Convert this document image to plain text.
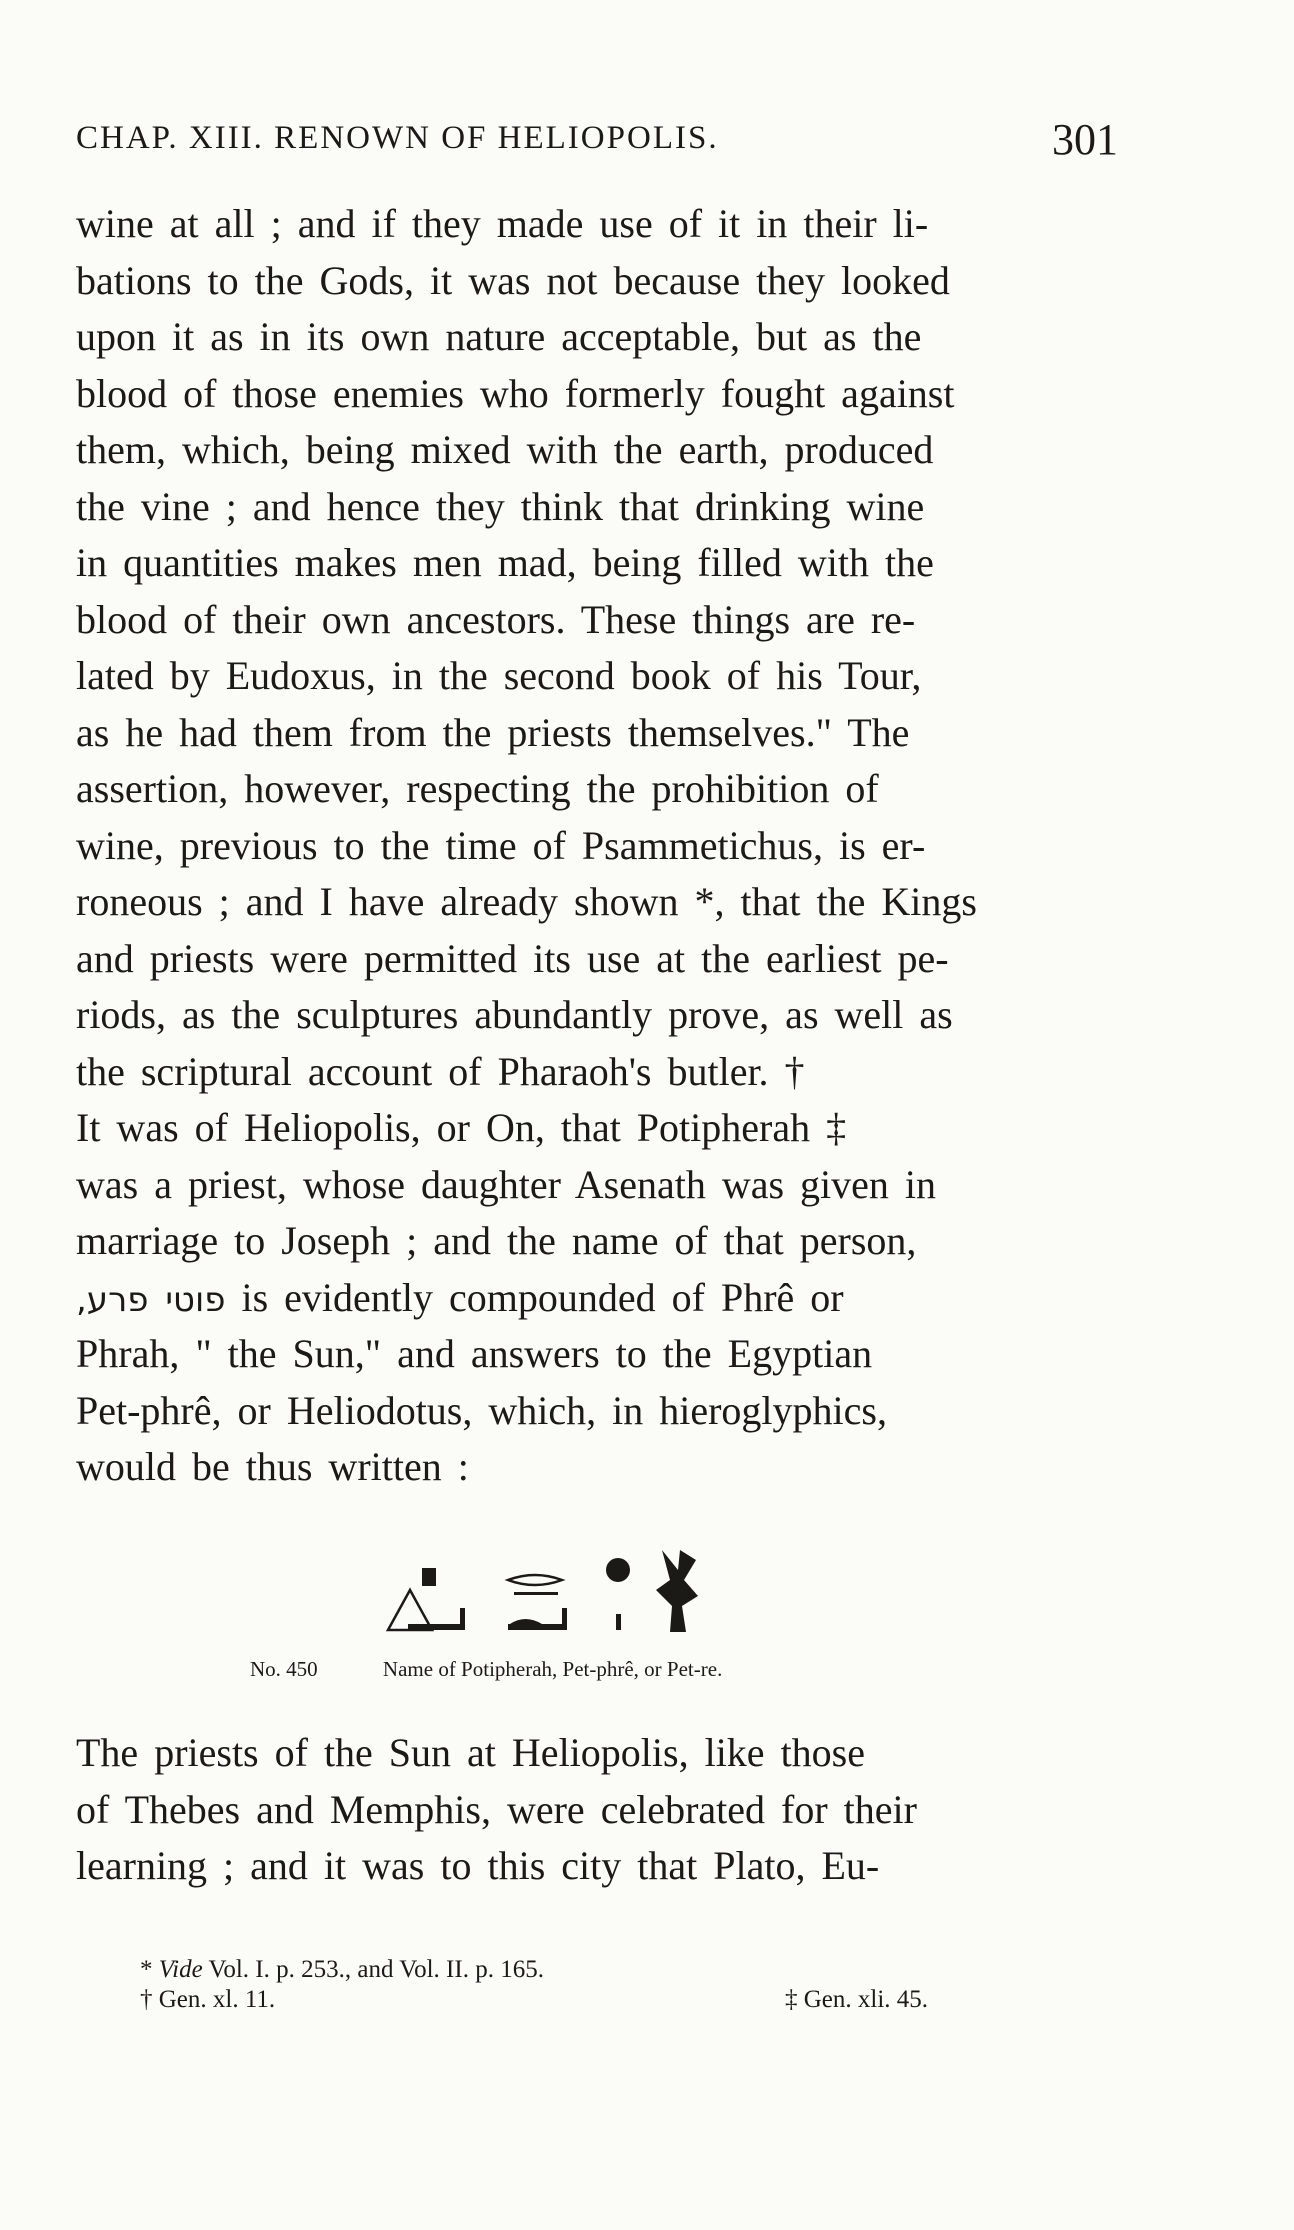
CHAP. XIII. RENOWN OF HELIOPOLIS.	301
wine at all ; and if they made use of it in their li-
bations to the Gods, it was not because they looked
upon it as in its own nature acceptable, but as the
blood of those enemies who formerly fought against
them, which, being mixed with the earth, produced
the vine ; and hence they think that drinking wine
in quantities makes men mad, being filled with the
blood of their own ancestors. These things are re-
lated by Eudoxus, in the second book of his Tour,
as he had them from the priests themselves." The
assertion, however, respecting the prohibition of
wine, previous to the time of Psammetichus, is er-
roneous ; and I have already shown *, that the Kings
and priests were permitted its use at the earliest pe-
riods, as the sculptures abundantly prove, as well as
the scriptural account of Pharaoh's butler. †
It was of Heliopolis, or On, that Potipherah ‡
was a priest, whose daughter Asenath was given in
marriage to Joseph ; and the name of that person,
פוטי פרע, is evidently compounded of Phrê or
Phrah, " the Sun," and answers to the Egyptian
Pet-phrê, or Heliodotus, which, in hieroglyphics,
would be thus written :
No. 450	Name of Potipherah, Pet-phrê, or Pet-re.
The priests of the Sun at Heliopolis, like those
of Thebes and Memphis, were celebrated for their
learning ; and it was to this city that Plato, Eu-
* Vide Vol. I. p. 253., and Vol. II. p. 165.
† Gen. xl. 11.	‡ Gen. xli. 45.
